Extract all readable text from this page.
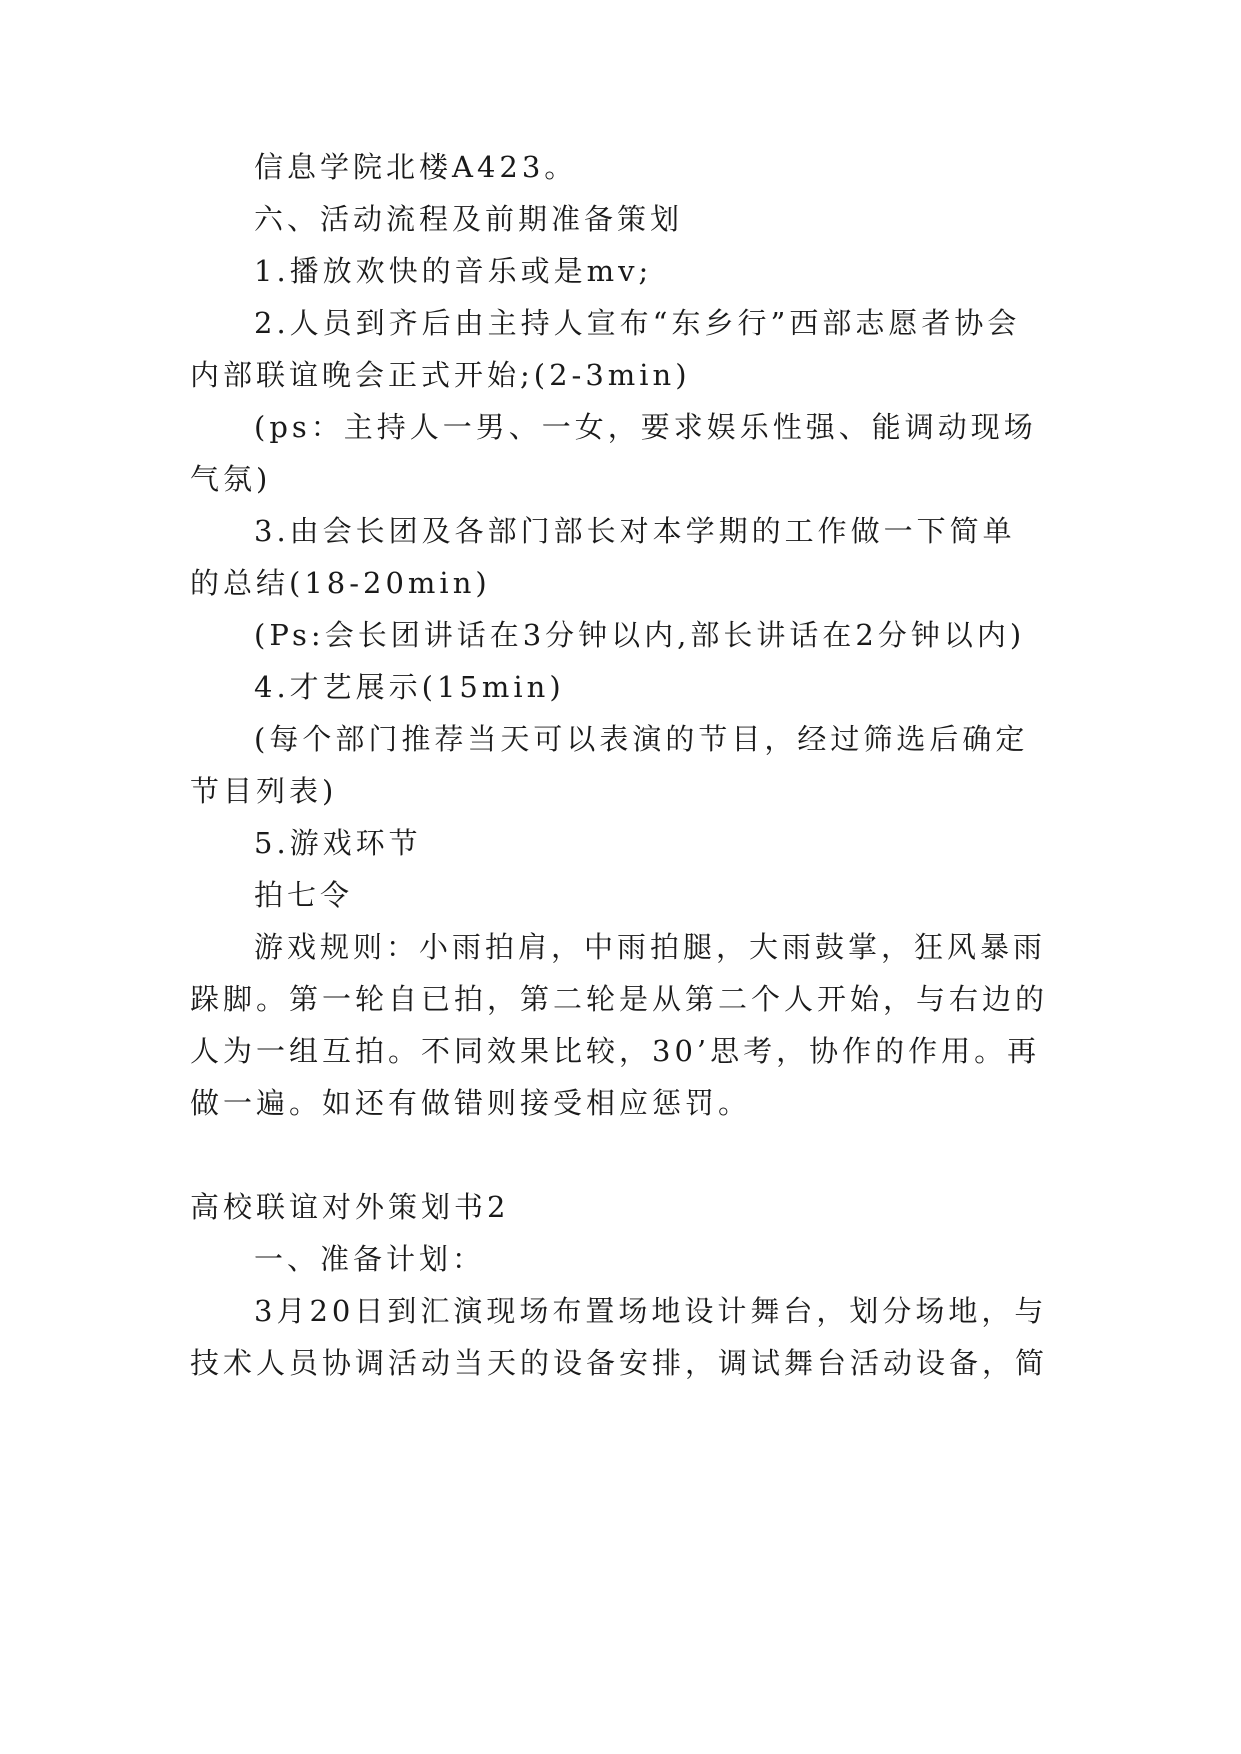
信息学院北楼A423。
六、活动流程及前期准备策划
1.播放欢快的音乐或是mv;
2.人员到齐后由主持人宣布“东乡行”西部志愿者协会
内部联谊晚会正式开始;(2-3min)
(ps：主持人一男、一女，要求娱乐性强、能调动现场
气氛)
3.由会长团及各部门部长对本学期的工作做一下简单
的总结(18-20min)
(Ps:会长团讲话在3分钟以内,部长讲话在2分钟以内)
4.才艺展示(15min)
(每个部门推荐当天可以表演的节目，经过筛选后确定
节目列表)
5.游戏环节
拍七令
游戏规则：小雨拍肩，中雨拍腿，大雨鼓掌，狂风暴雨
跺脚。第一轮自已拍，第二轮是从第二个人开始，与右边的
人为一组互拍。不同效果比较，30’思考，协作的作用。再
做一遍。如还有做错则接受相应惩罚。
高校联谊对外策划书2
一、准备计划：
3月20日到汇演现场布置场地设计舞台，划分场地，与
技术人员协调活动当天的设备安排，调试舞台活动设备，简
